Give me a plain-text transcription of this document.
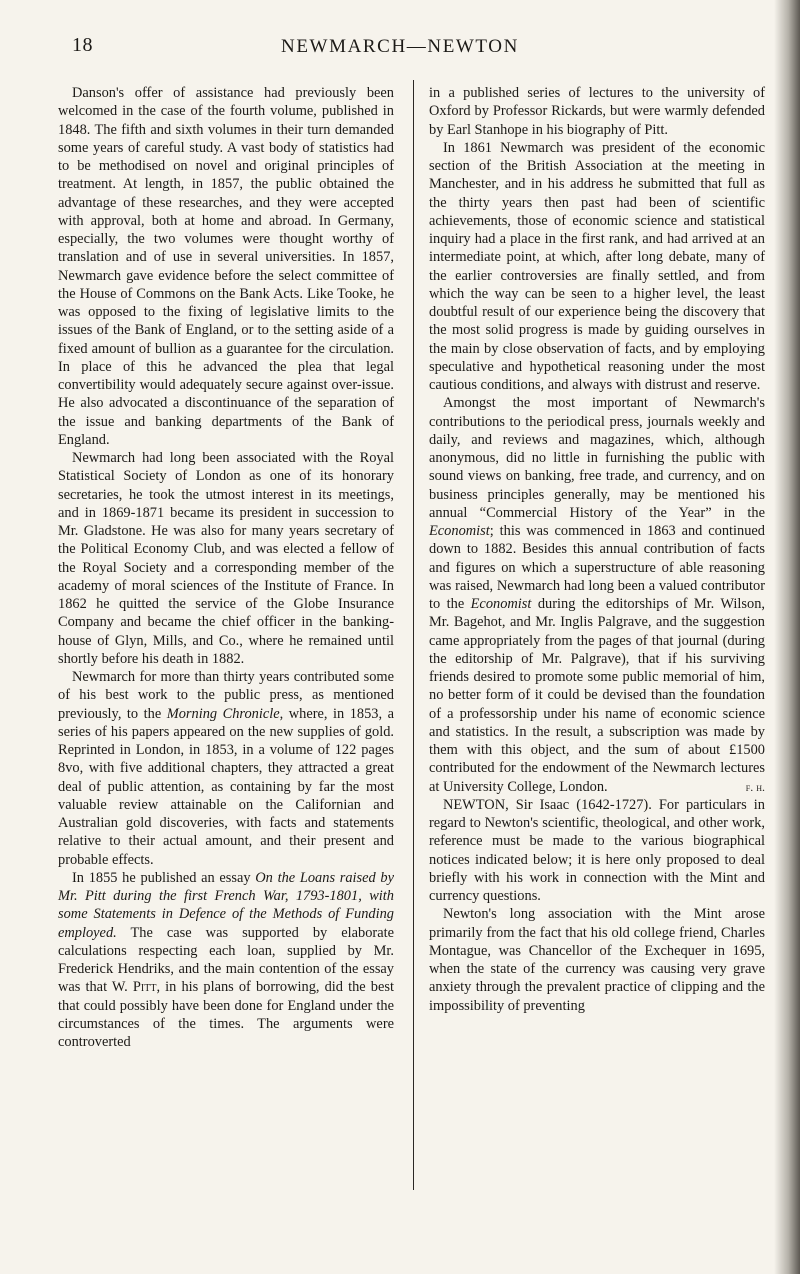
18	NEWMARCH—NEWTON

Danson's offer of assistance had previously been welcomed in the case of the fourth volume, published in 1848. The fifth and sixth volumes in their turn demanded some years of careful study. A vast body of statistics had to be methodised on novel and original principles of treatment. At length, in 1857, the public obtained the advantage of these researches, and they were accepted with approval, both at home and abroad. In Germany, especially, the two volumes were thought worthy of translation and of use in several universities. In 1857, Newmarch gave evidence before the select committee of the House of Commons on the Bank Acts. Like Tooke, he was opposed to the fixing of legislative limits to the issues of the Bank of England, or to the setting aside of a fixed amount of bullion as a guarantee for the circulation. In place of this he advanced the plea that legal convertibility would adequately secure against over-issue. He also advocated a discontinuance of the separation of the issue and banking departments of the Bank of England.

Newmarch had long been associated with the Royal Statistical Society of London as one of its honorary secretaries, he took the utmost interest in its meetings, and in 1869-1871 became its president in succession to Mr. Gladstone. He was also for many years secretary of the Political Economy Club, and was elected a fellow of the Royal Society and a corresponding member of the academy of moral sciences of the Institute of France. In 1862 he quitted the service of the Globe Insurance Company and became the chief officer in the banking-house of Glyn, Mills, and Co., where he remained until shortly before his death in 1882.

Newmarch for more than thirty years contributed some of his best work to the public press, as mentioned previously, to the Morning Chronicle, where, in 1853, a series of his papers appeared on the new supplies of gold. Reprinted in London, in 1853, in a volume of 122 pages 8vo, with five additional chapters, they attracted a great deal of public attention, as containing by far the most valuable review attainable on the Californian and Australian gold discoveries, with facts and statements relative to their actual amount, and their present and probable effects.

In 1855 he published an essay On the Loans raised by Mr. Pitt during the first French War, 1793-1801, with some Statements in Defence of the Methods of Funding employed. The case was supported by elaborate calculations respecting each loan, supplied by Mr. Frederick Hendriks, and the main contention of the essay was that W. Pitt, in his plans of borrowing, did the best that could possibly have been done for England under the circumstances of the times. The arguments were controverted

in a published series of lectures to the university of Oxford by Professor Rickards, but were warmly defended by Earl Stanhope in his biography of Pitt.

In 1861 Newmarch was president of the economic section of the British Association at the meeting in Manchester, and in his address he submitted that full as the thirty years then past had been of scientific achievements, those of economic science and statistical inquiry had a place in the first rank, and had arrived at an intermediate point, at which, after long debate, many of the earlier controversies are finally settled, and from which the way can be seen to a higher level, the least doubtful result of our experience being the discovery that the most solid progress is made by guiding ourselves in the main by close observation of facts, and by employing speculative and hypothetical reasoning under the most cautious conditions, and always with distrust and reserve.

Amongst the most important of Newmarch's contributions to the periodical press, journals weekly and daily, and reviews and magazines, which, although anonymous, did no little in furnishing the public with sound views on banking, free trade, and currency, and on business principles generally, may be mentioned his annual “Commercial History of the Year” in the Economist; this was commenced in 1863 and continued down to 1882. Besides this annual contribution of facts and figures on which a superstructure of able reasoning was raised, Newmarch had long been a valued contributor to the Economist during the editorships of Mr. Wilson, Mr. Bagehot, and Mr. Inglis Palgrave, and the suggestion came appropriately from the pages of that journal (during the editorship of Mr. Palgrave), that if his surviving friends desired to promote some public memorial of him, no better form of it could be devised than the foundation of a professorship under his name of economic science and statistics. In the result, a subscription was made by them with this object, and the sum of about £1500 contributed for the endowment of the Newmarch lectures at University College, London.	f. h.

NEWTON, Sir Isaac (1642-1727). For particulars in regard to Newton's scientific, theological, and other work, reference must be made to the various biographical notices indicated below; it is here only proposed to deal briefly with his work in connection with the Mint and currency questions.

Newton's long association with the Mint arose primarily from the fact that his old college friend, Charles Montague, was Chancellor of the Exchequer in 1695, when the state of the currency was causing very grave anxiety through the prevalent practice of clipping and the impossibility of preventing
